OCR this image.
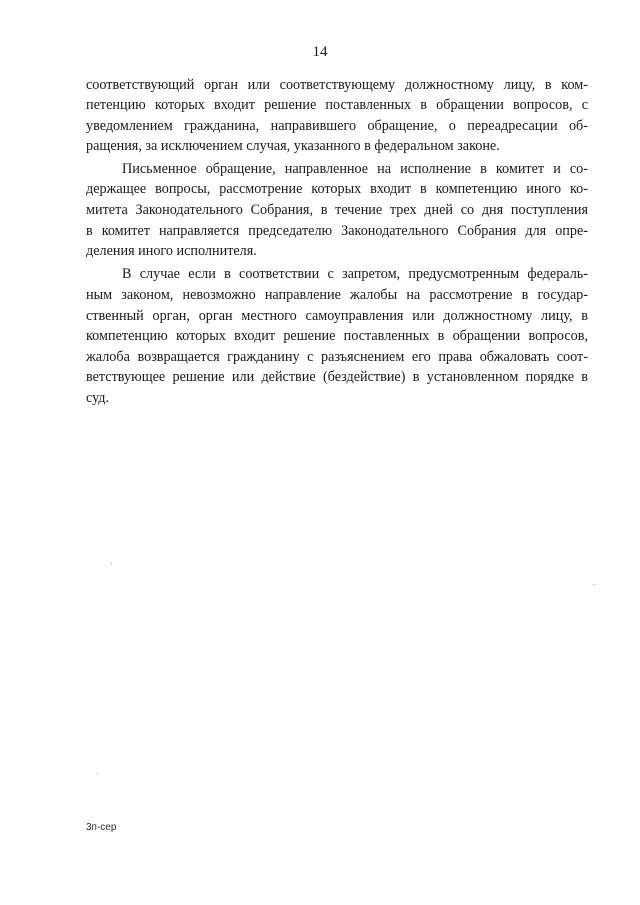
14
соответствующий орган или соответствующему должностному лицу, в ком-
петенцию которых входит решение поставленных в обращении вопросов, с
уведомлением гражданина, направившего обращение, о переадресации об-
ращения, за исключением случая, указанного в федеральном законе.
Письменное обращение, направленное на исполнение в комитет и со-
держащее вопросы, рассмотрение которых входит в компетенцию иного ко-
митета Законодательного Собрания, в течение трех дней со дня поступления
в комитет направляется председателю Законодательного Собрания для опре-
деления иного исполнителя.
В случае если в соответствии с запретом, предусмотренным федераль-
ным законом, невозможно направление жалобы на рассмотрение в государ-
ственный орган, орган местного самоуправления или должностному лицу, в
компетенцию которых входит решение поставленных в обращении вопросов,
жалоба возвращается гражданину с разъяснением его права обжаловать соот-
ветствующее решение или действие (бездействие) в установленном порядке в
суд.
3п-сер
